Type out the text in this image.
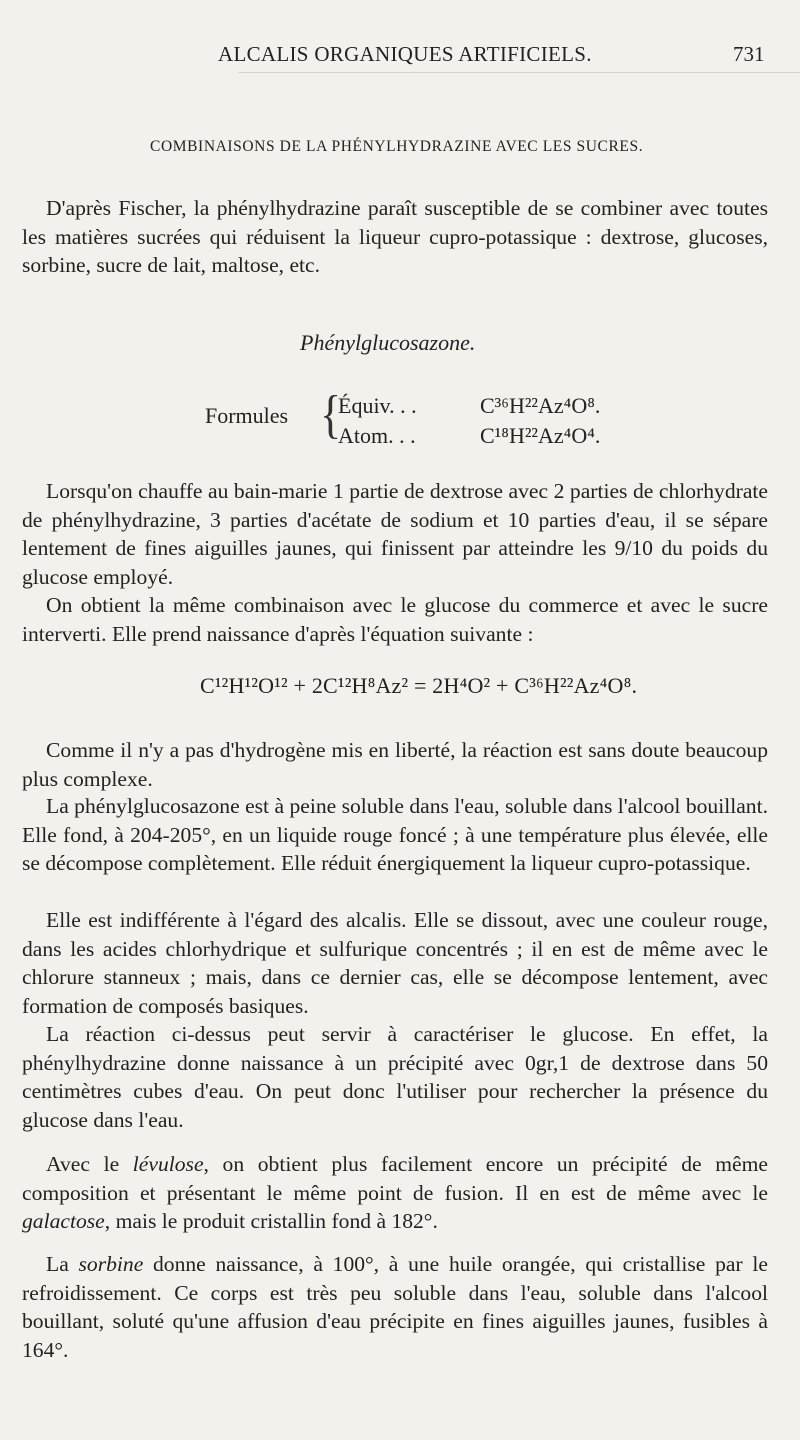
ALCALIS ORGANIQUES ARTIFICIELS.	731
COMBINAISONS DE LA PHÉNYLHYDRAZINE AVEC LES SUCRES.

D'après Fischer, la phénylhydrazine paraît susceptible de se combiner avec toutes les matières sucrées qui réduisent la liqueur cupro-potassique : dextrose, glucoses, sorbine, sucre de lait, maltose, etc.

Phénylglucosazone.
Formules {
Équiv. . .	C³⁶H²²Az⁴O⁸.
Atom. . .	C¹⁸H²²Az⁴O⁴.

Lorsqu'on chauffe au bain-marie 1 partie de dextrose avec 2 parties de chlorhydrate de phénylhydrazine, 3 parties d'acétate de sodium et 10 parties d'eau, il se sépare lentement de fines aiguilles jaunes, qui finissent par atteindre les 9/10 du poids du glucose employé.

On obtient la même combinaison avec le glucose du commerce et avec le sucre interverti. Elle prend naissance d'après l'équation suivante :

C¹²H¹²O¹² + 2C¹²H⁸Az² = 2H⁴O² + C³⁶H²²Az⁴O⁸.

Comme il n'y a pas d'hydrogène mis en liberté, la réaction est sans doute beaucoup plus complexe.

La phénylglucosazone est à peine soluble dans l'eau, soluble dans l'alcool bouillant. Elle fond, à 204-205°, en un liquide rouge foncé ; à une température plus élevée, elle se décompose complètement. Elle réduit énergiquement la liqueur cupro-potassique.

Elle est indifférente à l'égard des alcalis. Elle se dissout, avec une couleur rouge, dans les acides chlorhydrique et sulfurique concentrés ; il en est de même avec le chlorure stanneux ; mais, dans ce dernier cas, elle se décompose lentement, avec formation de composés basiques.

La réaction ci-dessus peut servir à caractériser le glucose. En effet, la phénylhydrazine donne naissance à un précipité avec 0gr,1 de dextrose dans 50 centimètres cubes d'eau. On peut donc l'utiliser pour rechercher la présence du glucose dans l'eau.

Avec le lévulose, on obtient plus facilement encore un précipité de même composition et présentant le même point de fusion. Il en est de même avec le galactose, mais le produit cristallin fond à 182°.

La sorbine donne naissance, à 100°, à une huile orangée, qui cristallise par le refroidissement. Ce corps est très peu soluble dans l'eau, soluble dans l'alcool bouillant, soluté qu'une affusion d'eau précipite en fines aiguilles jaunes, fusibles à 164°.
